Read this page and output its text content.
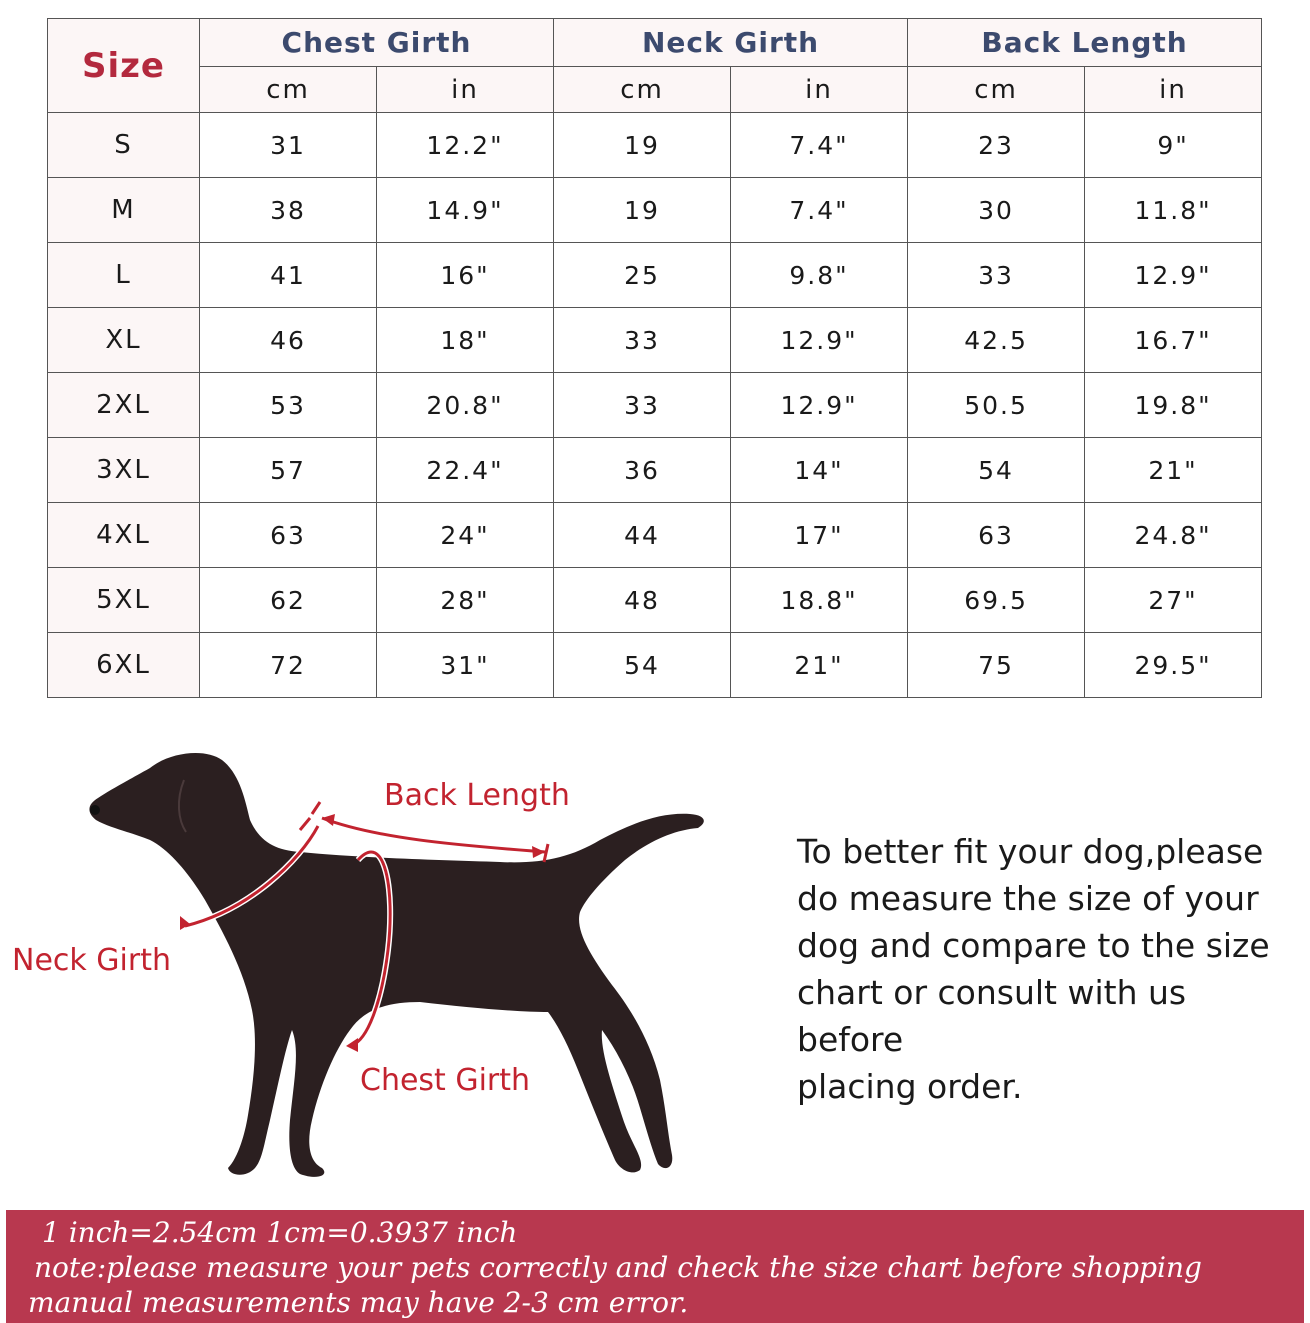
Size	Chest Girth		Neck Girth		Back Length	
	cm	in	cm	in	cm	in
S	31	12.2"	19	7.4"	23	9"
M	38	14.9"	19	7.4"	30	11.8"
L	41	16"	25	9.8"	33	12.9"
XL	46	18"	33	12.9"	42.5	16.7"
2XL	53	20.8"	33	12.9"	50.5	19.8"
3XL	57	22.4"	36	14"	54	21"
4XL	63	24"	44	17"	63	24.8"
5XL	62	28"	48	18.8"	69.5	27"
6XL	72	31"	54	21"	75	29.5"
Back Length
Neck Girth
Chest Girth
To better fit your dog,please
do measure the size of your
dog and compare to the size
chart or consult with us before
placing order.
1 inch=2.54cm 1cm=0.3937 inch
note:please measure your pets correctly and check the size chart before shopping
manual measurements may have 2-3 cm error.
